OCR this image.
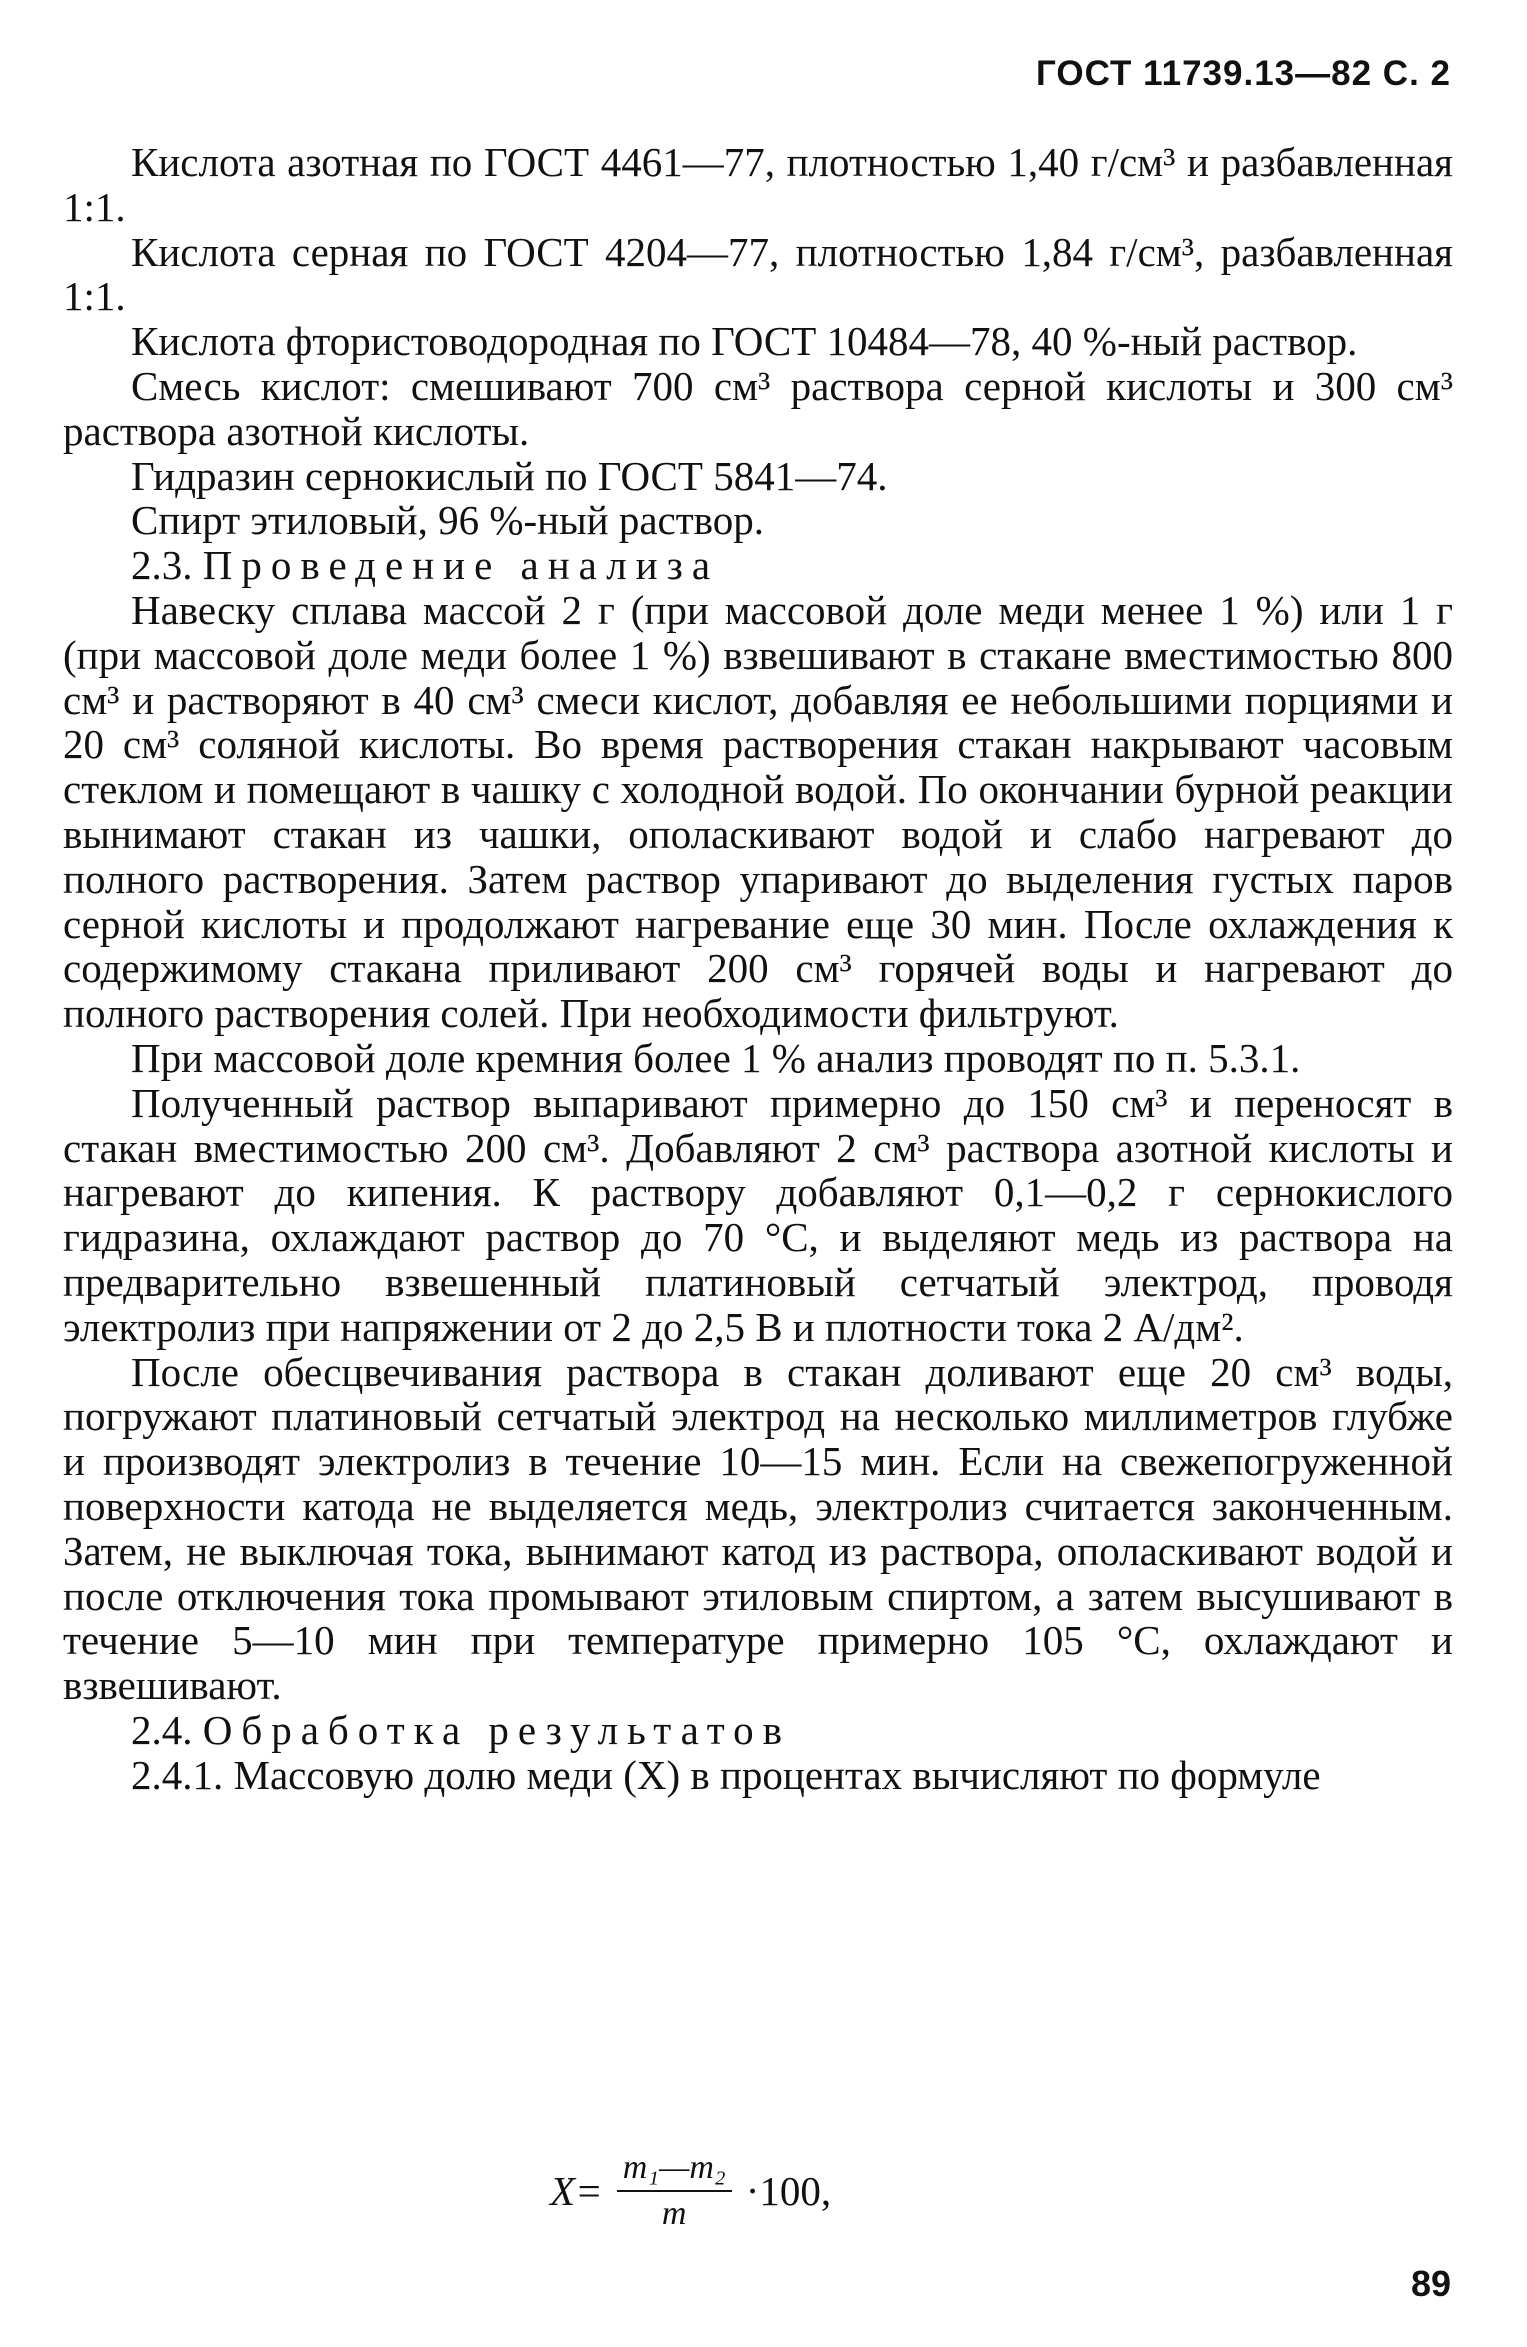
ГОСТ 11739.13—82 С. 2

Кислота азотная по ГОСТ 4461—77, плотностью 1,40 г/см³ и разбавленная 1:1.

Кислота серная по ГОСТ 4204—77, плотностью 1,84 г/см³, разбавленная 1:1.

Кислота фтористоводородная по ГОСТ 10484—78, 40 %-ный раствор.

Смесь кислот: смешивают 700 см³ раствора серной кислоты и 300 см³ раствора азотной кислоты.

Гидразин сернокислый по ГОСТ 5841—74.

Спирт этиловый, 96 %-ный раствор.

2.3. Проведение анализа

Навеску сплава массой 2 г (при массовой доле меди менее 1 %) или 1 г (при массовой доле меди более 1 %) взвешивают в стакане вместимостью 800 см³ и растворяют в 40 см³ смеси кислот, добавляя ее небольшими порциями и 20 см³ соляной кислоты. Во время растворения стакан накрывают часовым стеклом и помещают в чашку с холодной водой. По окончании бурной реакции вынимают стакан из чашки, ополаскивают водой и слабо нагревают до полного растворения. Затем раствор упаривают до выделения густых паров серной кислоты и продолжают нагревание еще 30 мин. После охлаждения к содержимому стакана приливают 200 см³ горячей воды и нагревают до полного растворения солей. При необходимости фильтруют.

При массовой доле кремния более 1 % анализ проводят по п. 5.3.1.

Полученный раствор выпаривают примерно до 150 см³ и переносят в стакан вместимостью 200 см³. Добавляют 2 см³ раствора азотной кислоты и нагревают до кипения. К раствору добавляют 0,1—0,2 г сернокислого гидразина, охлаждают раствор до 70 °С, и выделяют медь из раствора на предварительно взвешенный платиновый сетчатый электрод, проводя электролиз при напряжении от 2 до 2,5 В и плотности тока 2 А/дм².

После обесцвечивания раствора в стакан доливают еще 20 см³ воды, погружают платиновый сетчатый электрод на несколько миллиметров глубже и производят электролиз в течение 10—15 мин. Если на свежепогруженной поверхности катода не выделяется медь, электролиз считается законченным. Затем, не выключая тока, вынимают катод из раствора, ополаскивают водой и после отключения тока промывают этиловым спиртом, а затем высушивают в течение 5—10 мин при температуре примерно 105 °С, охлаждают и взвешивают.

2.4. Обработка результатов

2.4.1. Массовую долю меди (X) в процентах вычисляют по формуле

$X= \frac{\text{m₁—m₂}}{m} \cdot 100$,
89
